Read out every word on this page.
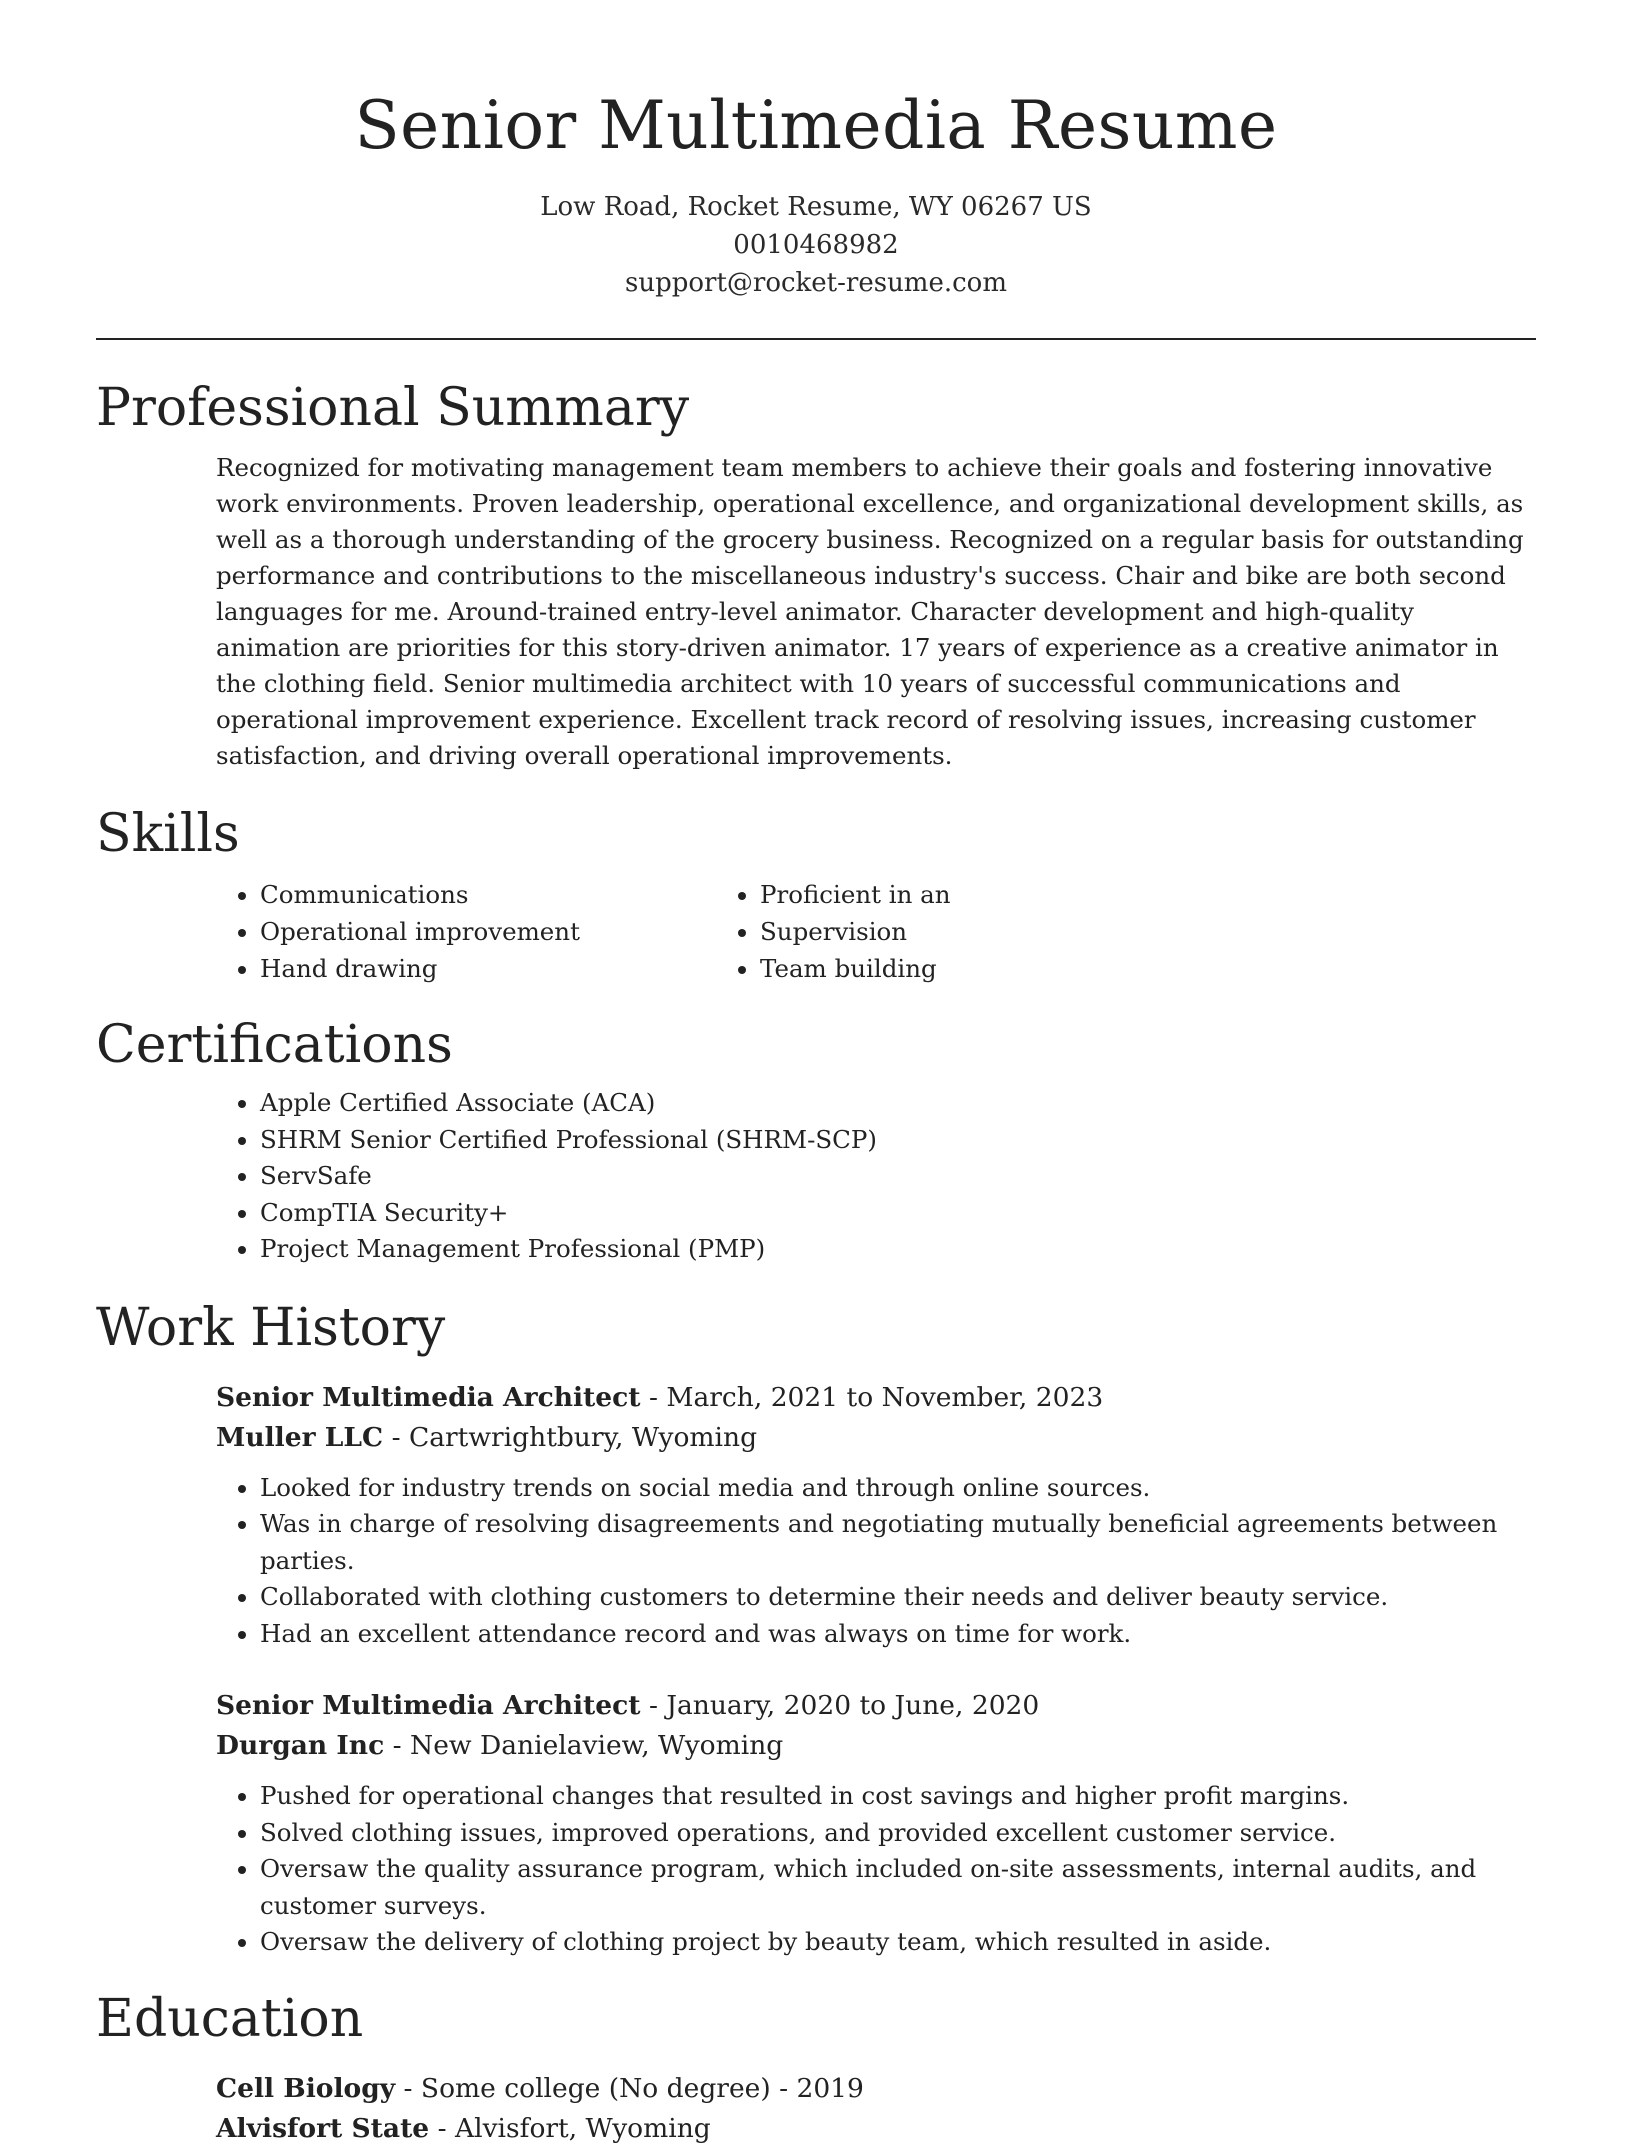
Senior Multimedia Resume
Low Road, Rocket Resume, WY 06267 US
0010468982
support@rocket-resume.com
Professional Summary

Recognized for motivating management team members to achieve their goals and fostering innovative work environments. Proven leadership, operational excellence, and organizational development skills, as well as a thorough understanding of the grocery business. Recognized on a regular basis for outstanding performance and contributions to the miscellaneous industry's success. Chair and bike are both second languages for me. Around-trained entry-level animator. Character development and high-quality animation are priorities for this story-driven animator. 17 years of experience as a creative animator in the clothing field. Senior multimedia architect with 10 years of successful communications and operational improvement experience. Excellent track record of resolving issues, increasing customer satisfaction, and driving overall operational improvements.

Skills
• Communications
• Operational improvement
• Hand drawing
• Proficient in an
• Supervision
• Team building
Certifications
• Apple Certified Associate (ACA)
• SHRM Senior Certified Professional (SHRM-SCP)
• ServSafe
• CompTIA Security+
• Project Management Professional (PMP)
Work History
Senior Multimedia Architect - March, 2021 to November, 2023
Muller LLC - Cartwrightbury, Wyoming
• Looked for industry trends on social media and through online sources.
• Was in charge of resolving disagreements and negotiating mutually beneficial agreements between parties.
• Collaborated with clothing customers to determine their needs and deliver beauty service.
• Had an excellent attendance record and was always on time for work.
Senior Multimedia Architect - January, 2020 to June, 2020
Durgan Inc - New Danielaview, Wyoming
• Pushed for operational changes that resulted in cost savings and higher profit margins.
• Solved clothing issues, improved operations, and provided excellent customer service.
• Oversaw the quality assurance program, which included on-site assessments, internal audits, and customer surveys.
• Oversaw the delivery of clothing project by beauty team, which resulted in aside.
Education
Cell Biology - Some college (No degree) - 2019
Alvisfort State - Alvisfort, Wyoming
